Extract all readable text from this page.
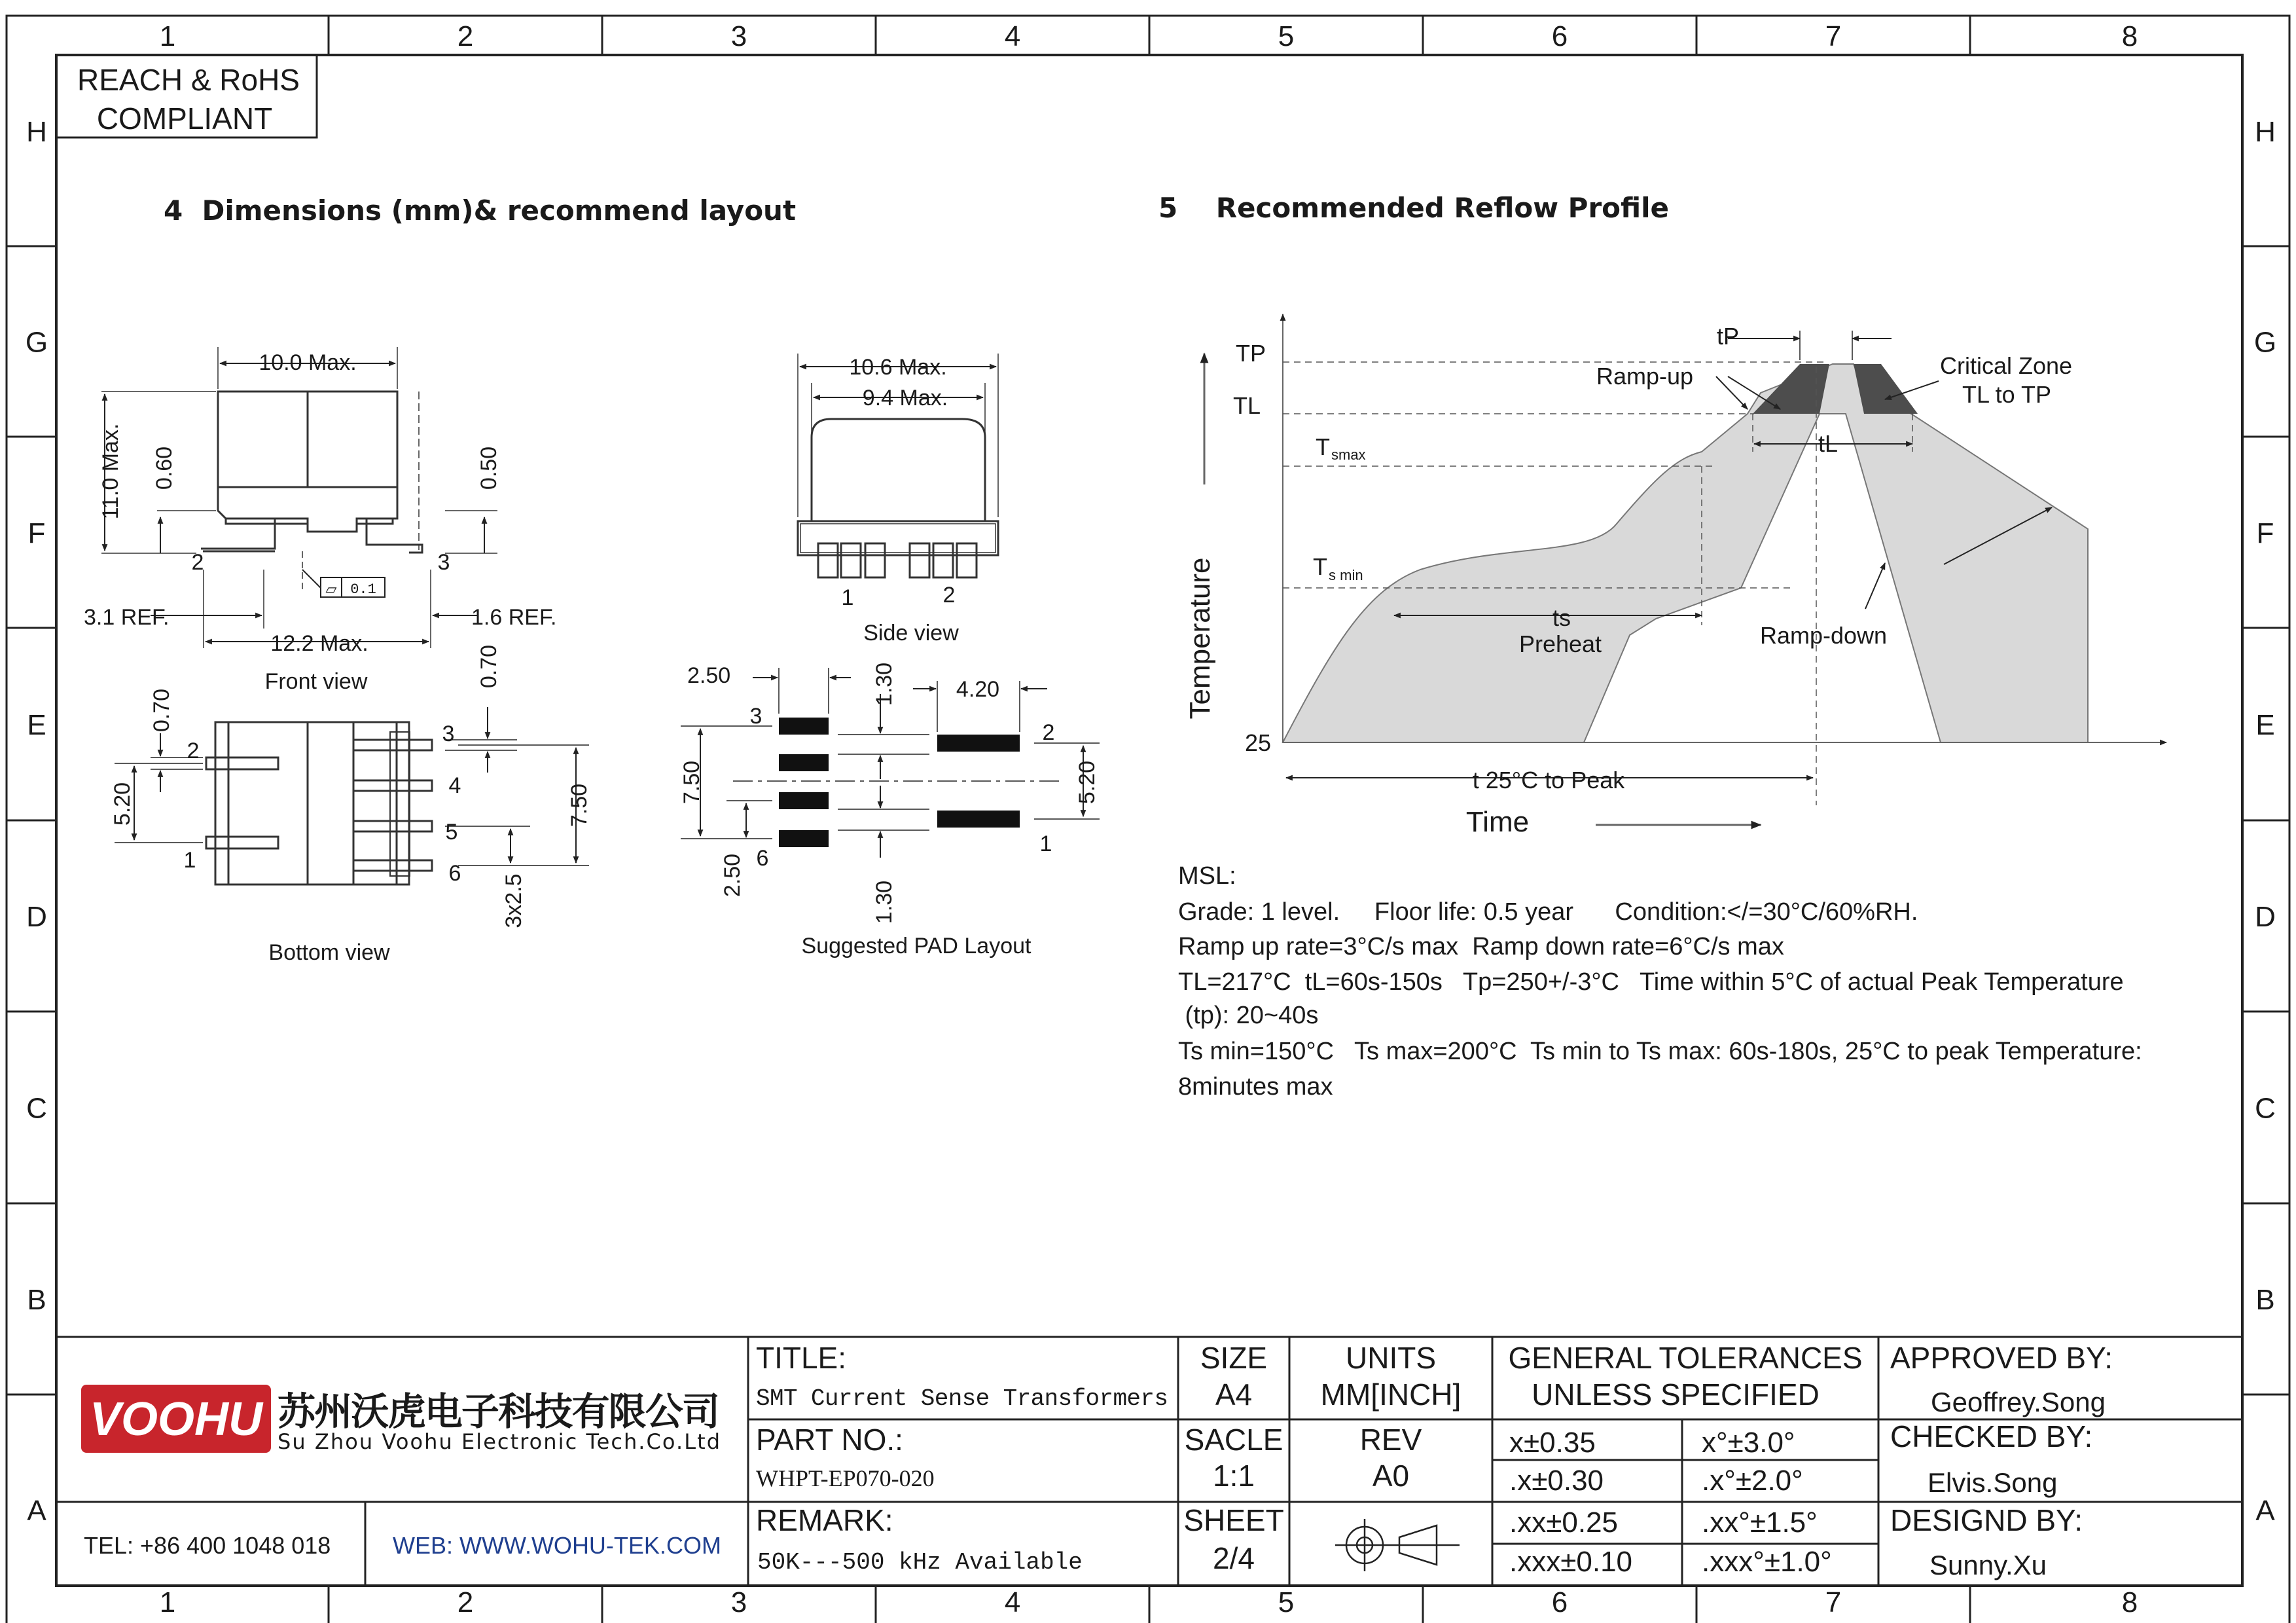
1
1
2
2
3
3
4
4
5
5
6
6
7
7
8
8
H	H
G	G
F	F
E	E
D	D
C	C
B	B
A	A
REACH & RoHS
COMPLIANT
4  Dimensions (mm)& recommend layout
10.0 Max.
11.0 Max. 0.60	0.50
2	3
0.1
3.1 REF.	1.6 REF.
12.2 Max.
Front view
▱
10.6 Max.
9.4 Max.
1	2
Side view
0.70
0.70
5.20	7.50
3x2.5
2
1
3
4
5
6
Bottom view
2.50
4.20
1.30
7.50	5.20
2.50
1.30
3
6
2
1
Suggested PAD Layout
5    Recommended Reflow Profile
tP
TP
TL
T smax
T s min
Ramp-up	Critical Zone
TL to TP
tL
ts
Preheat	Ramp-down
25
t 25°C to Peak
Time
Temperature
MSL:
Grade: 1 level.     Floor life: 0.5 year      Condition:</=30°C/60%RH.
Ramp up rate=3°C/s max  Ramp down rate=6°C/s max
TL=217°C  tL=60s-150s   Tp=250+/-3°C   Time within 5°C of actual Peak Temperature
(tp): 20~40s
Ts min=150°C   Ts max=200°C  Ts min to Ts max: 60s-180s, 25°C to peak Temperature:
8minutes max
VOOHU 苏州沃虎电子科技有限公司
Su Zhou Voohu Electronic Tech.Co.Ltd
TEL: +86 400 1048 018	WEB: WWW.WOHU-TEK.COM
TITLE:
SMT Current Sense Transformers
PART NO.:
WHPT-EP070-020
REMARK:
50K---500 kHz Available
SIZE
A4
SACLE
1:1
SHEET
2/4
UNITS
MM[INCH]
REV
A0
GENERAL TOLERANCES
UNLESS SPECIFIED
APPROVED BY:
Geoffrey.Song
CHECKED BY:
Elvis.Song
DESIGND BY:
Sunny.Xu
x±0.35	x°±3.0°
.x±0.30	.x°±2.0°
.xx±0.25	.xx°±1.5°
.xxx±0.10 .xxx°±1.0°
